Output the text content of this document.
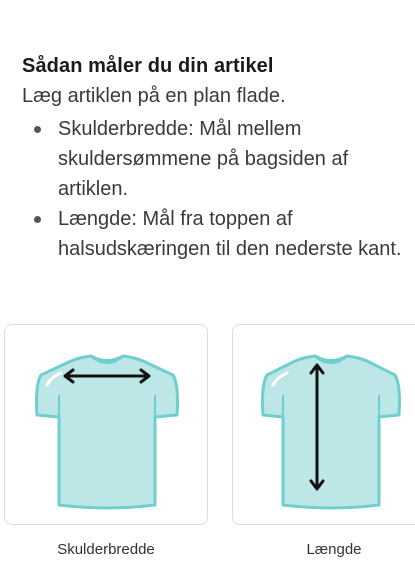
Sådan måler du din artikel
Læg artiklen på en plan flade.
Skulderbredde: Mål mellem skuldersømmene på bagsiden af artiklen.
Længde: Mål fra toppen af halsudskæringen til den nederste kant.
Skulderbredde	Længde
